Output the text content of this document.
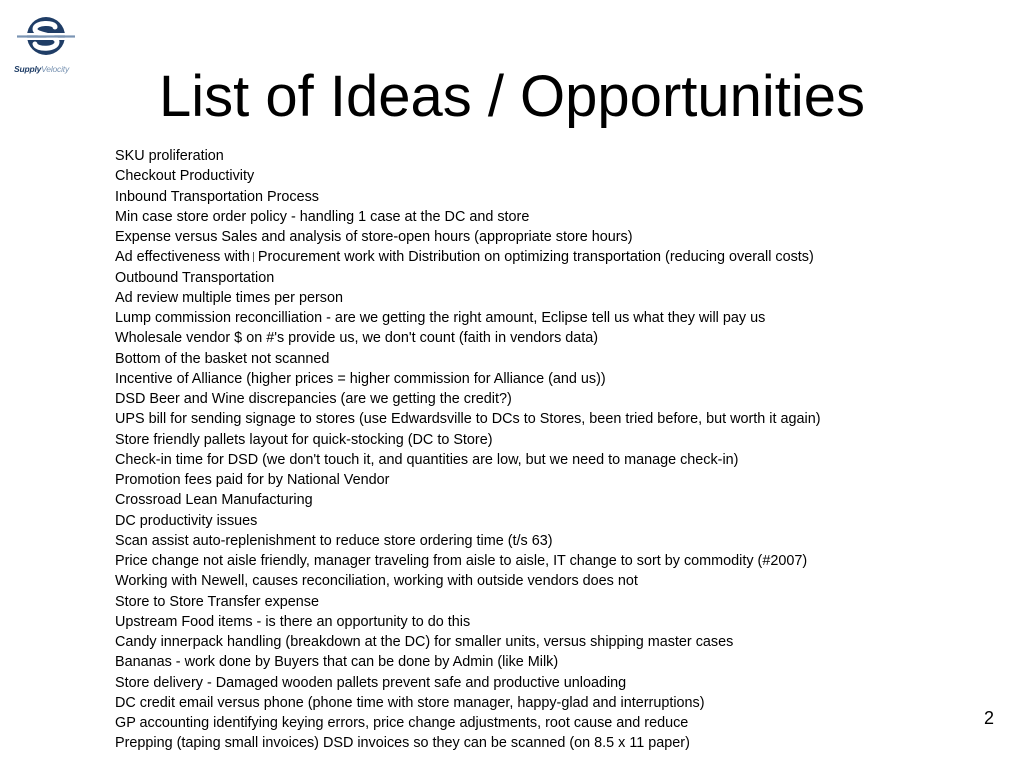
SupplyVelocity	List of Ideas / Opportunities
SKU proliferation
Checkout Productivity
Inbound Transportation Process
Min case store order policy - handling 1 case at the DC and store
Expense versus Sales and analysis of store-open hours (appropriate store hours)
Ad effectiveness with Procurement work with Distribution on optimizing transportation (reducing overall costs)
Outbound Transportation
Ad review multiple times per person
Lump commission reconcilliation - are we getting the right amount, Eclipse tell us what they will pay us
Wholesale vendor $ on #'s provide us, we don't count (faith in vendors data)
Bottom of the basket not scanned
Incentive of Alliance (higher prices = higher commission for Alliance (and us))
DSD Beer and Wine discrepancies (are we getting the credit?)
UPS bill for sending signage to stores (use Edwardsville to DCs to Stores, been tried before, but worth it again)
Store friendly pallets layout for quick-stocking (DC to Store)
Check-in time for DSD (we don't touch it, and quantities are low, but we need to manage check-in)
Promotion fees paid for by National Vendor
Crossroad Lean Manufacturing
DC productivity issues
Scan assist auto-replenishment to reduce store ordering time (t/s 63)
Price change not aisle friendly, manager traveling from aisle to aisle, IT change to sort by commodity (#2007)
Working with Newell, causes reconciliation, working with outside vendors does not
Store to Store Transfer expense
Upstream Food items - is there an opportunity to do this
Candy innerpack handling (breakdown at the DC) for smaller units, versus shipping master cases
Bananas - work done by Buyers that can be done by Admin (like Milk)
Store delivery - Damaged wooden pallets prevent safe and productive unloading
DC credit email versus phone (phone time with store manager, happy-glad and interruptions)
GP accounting identifying keying errors, price change adjustments, root cause and reduce
Prepping (taping small invoices) DSD invoices so they can be scanned (on 8.5 x 11 paper)
2
